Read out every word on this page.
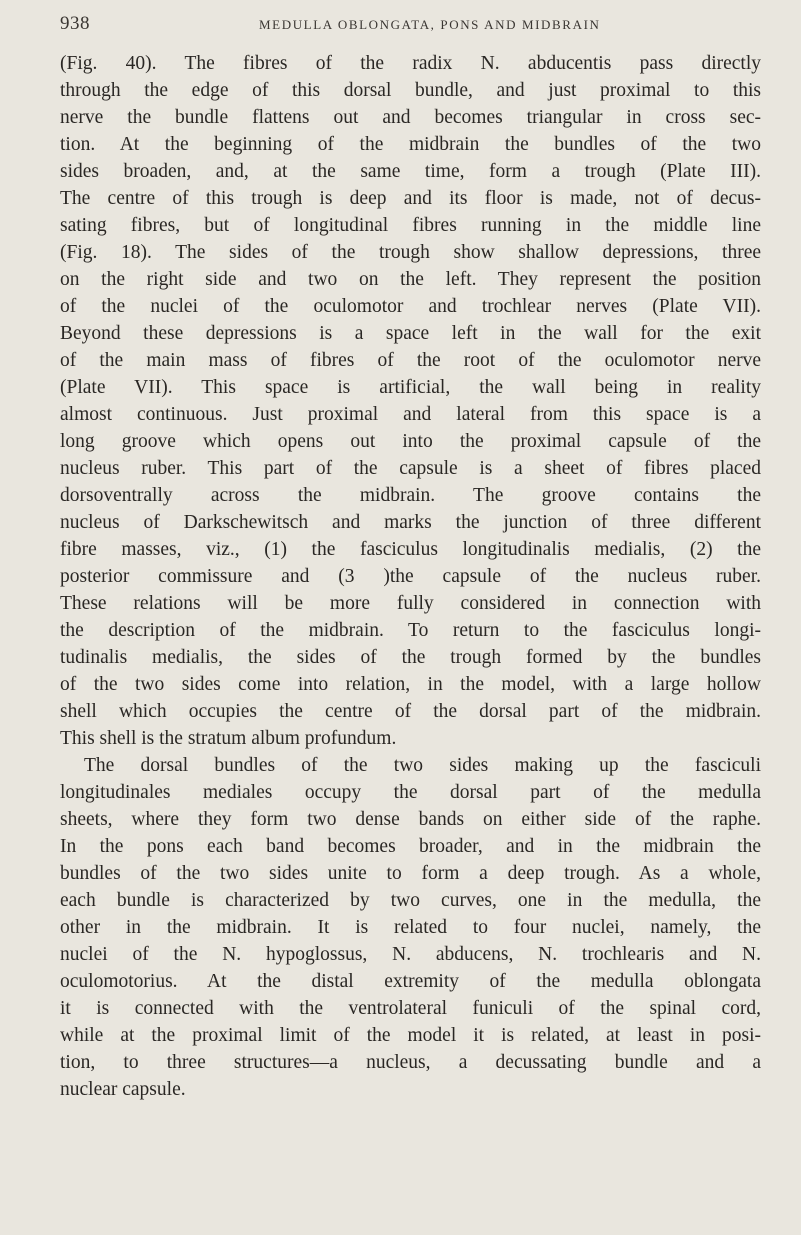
938	MEDULLA OBLONGATA, PONS AND MIDBRAIN
(Fig. 40). The fibres of the radix N. abducentis pass directly
through the edge of this dorsal bundle, and just proximal to this
nerve the bundle flattens out and becomes triangular in cross sec-
tion. At the beginning of the midbrain the bundles of the two
sides broaden, and, at the same time, form a trough (Plate III).
The centre of this trough is deep and its floor is made, not of decus-
sating fibres, but of longitudinal fibres running in the middle line
(Fig. 18). The sides of the trough show shallow depressions, three
on the right side and two on the left. They represent the position
of the nuclei of the oculomotor and trochlear nerves (Plate VII).
Beyond these depressions is a space left in the wall for the exit
of the main mass of fibres of the root of the oculomotor nerve
(Plate VII). This space is artificial, the wall being in reality
almost continuous. Just proximal and lateral from this space is a
long groove which opens out into the proximal capsule of the
nucleus ruber. This part of the capsule is a sheet of fibres placed
dorsoventrally across the midbrain. The groove contains the
nucleus of Darkschewitsch and marks the junction of three different
fibre masses, viz., (1) the fasciculus longitudinalis medialis, (2) the
posterior commissure and (3 )the capsule of the nucleus ruber.
These relations will be more fully considered in connection with
the description of the midbrain. To return to the fasciculus longi-
tudinalis medialis, the sides of the trough formed by the bundles
of the two sides come into relation, in the model, with a large hollow
shell which occupies the centre of the dorsal part of the midbrain.
This shell is the stratum album profundum.
The dorsal bundles of the two sides making up the fasciculi
longitudinales mediales occupy the dorsal part of the medulla
sheets, where they form two dense bands on either side of the raphe.
In the pons each band becomes broader, and in the midbrain the
bundles of the two sides unite to form a deep trough. As a whole,
each bundle is characterized by two curves, one in the medulla, the
other in the midbrain. It is related to four nuclei, namely, the
nuclei of the N. hypoglossus, N. abducens, N. trochlearis and N.
oculomotorius. At the distal extremity of the medulla oblongata
it is connected with the ventrolateral funiculi of the spinal cord,
while at the proximal limit of the model it is related, at least in posi-
tion, to three structures—a nucleus, a decussating bundle and a
nuclear capsule.
